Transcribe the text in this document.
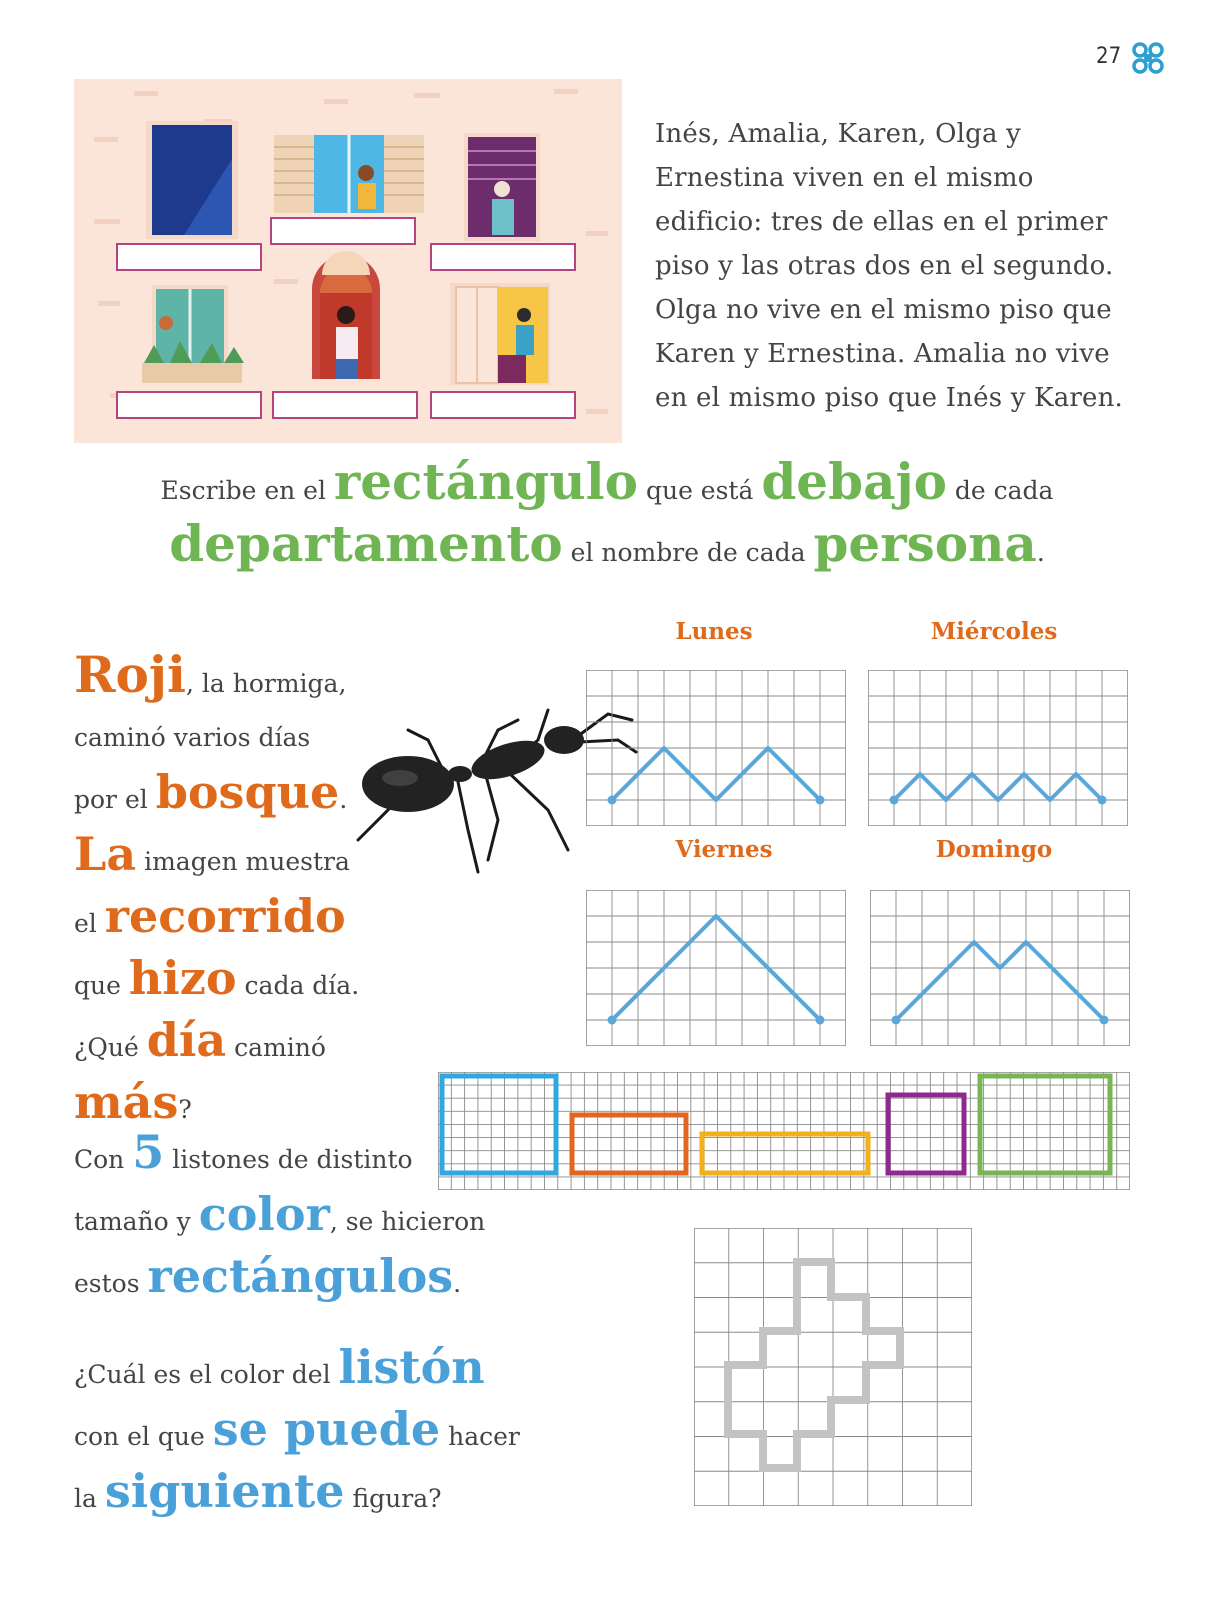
27
Inés, Amalia, Karen, Olga y Ernestina viven en el mismo edificio: tres de ellas en el primer piso y las otras dos en el segundo. Olga no vive en el mismo piso que Karen y Ernestina. Amalia no vive en el mismo piso que Inés y Karen.
Escribe en el rectángulo que está debajo de cada
departamento el nombre de cada persona.
Roji, la hormiga,
caminó varios días
por el bosque.
La imagen muestra
el recorrido
que hizo cada día.
¿Qué día caminó
más?
Lunes	Miércoles
Viernes	Domingo
Con 5 listones de distinto
tamaño y color, se hicieron
estos rectángulos.
¿Cuál es el color del listón
con el que se puede hacer
la siguiente figura?
